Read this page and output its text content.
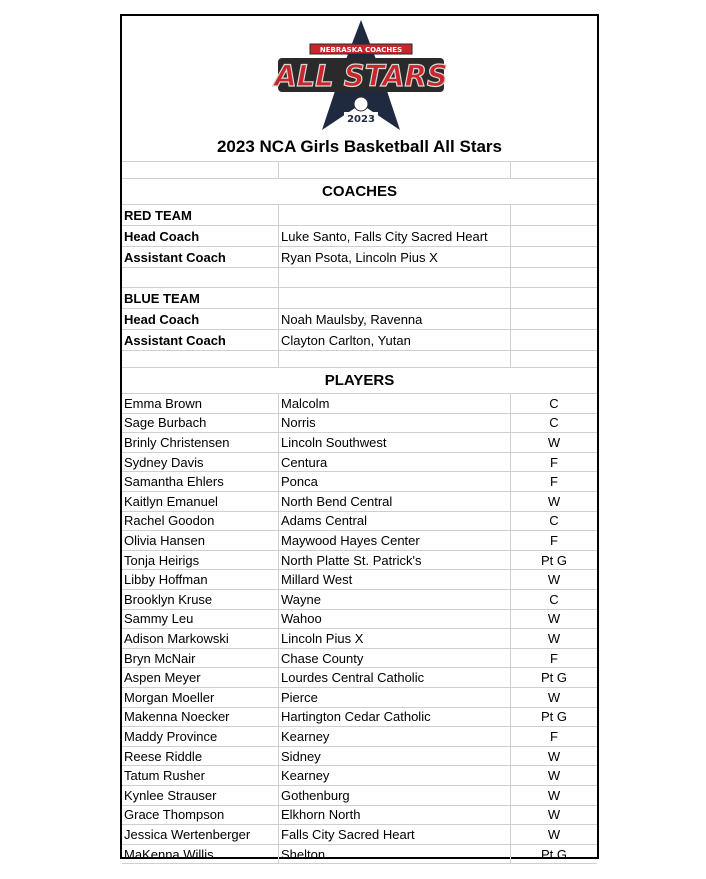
NEBRASKA COACHES
ALL STARS
2023
2023 NCA Girls Basketball All Stars
COACHES
RED TEAM
Head Coach	Luke Santo, Falls City Sacred Heart
Assistant Coach	Ryan Psota, Lincoln Pius X
BLUE TEAM
Head Coach	Noah Maulsby, Ravenna
Assistant Coach	Clayton Carlton, Yutan
PLAYERS
Emma Brown	Malcolm	C
Sage Burbach	Norris	C
Brinly Christensen	Lincoln Southwest	W
Sydney Davis	Centura	F
Samantha Ehlers	Ponca	F
Kaitlyn Emanuel	North Bend Central	W
Rachel Goodon	Adams Central	C
Olivia Hansen	Maywood Hayes Center	F
Tonja Heirigs	North Platte St. Patrick's	Pt G
Libby Hoffman	Millard West	W
Brooklyn Kruse	Wayne	C
Sammy Leu	Wahoo	W
Adison Markowski	Lincoln Pius X	W
Bryn McNair	Chase County	F
Aspen Meyer	Lourdes Central Catholic	Pt G
Morgan Moeller	Pierce	W
Makenna Noecker	Hartington Cedar Catholic	Pt G
Maddy Province	Kearney	F
Reese Riddle	Sidney	W
Tatum Rusher	Kearney	W
Kynlee Strauser	Gothenburg	W
Grace Thompson	Elkhorn North	W
Jessica Wertenberger	Falls City Sacred Heart	W
MaKenna Willis	Shelton	Pt G
